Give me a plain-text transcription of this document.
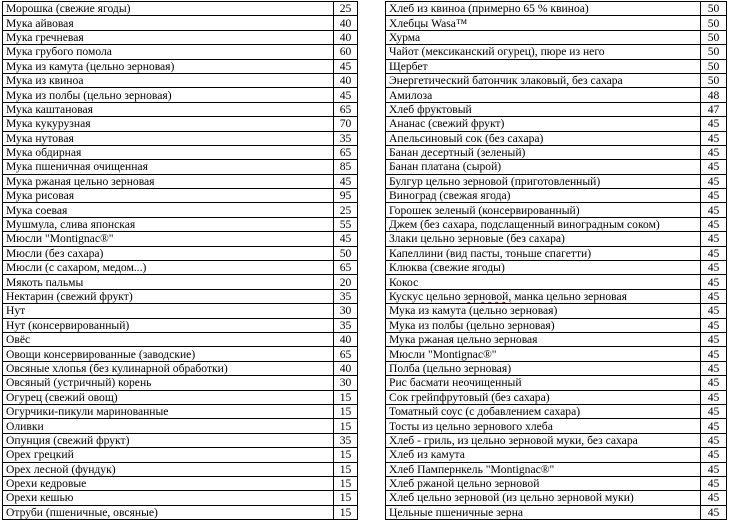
Морошка (свежие ягоды)	25
Мука айвовая	40
Мука гречневая	40
Мука грубого помола	60
Мука из камута (цельно зерновая)	45
Мука из квиноа	40
Мука из полбы (цельно зерновая)	45
Мука каштановая	65
Мука кукурузная	70
Мука нутовая	35
Мука обдирная	65
Мука пшеничная очищенная	85
Мука ржаная цельно зерновая	45
Мука рисовая	95
Мука соевая	25
Мушмула, слива японская	55
Мюсли "Montignac®"	45
Мюсли (без сахара)	50
Мюсли (с сахаром, медом...)	65
Мякоть пальмы	20
Нектарин (свежий фрукт)	35
Нут	30
Нут (консервированный)	35
Овёс	40
Овощи консервированные (заводские)	65
Овсяные хлопья (без кулинарной обработки)	40
Овсяный (устричный) корень	30
Огурец (свежий овощ)	15
Огурчики-пикули маринованные	15
Оливки	15
Опунция (свежий фрукт)	35
Орех грецкий	15
Орех лесной (фундук)	15
Орехи кедровые	15
Орехи кешью	15
Отруби (пшеничные, овсяные)	15
Хлеб из квиноа (примерно 65 % квиноа)	50
Хлебцы Wasa™	50
Хурма	50
Чайот (мексиканский огурец), пюре из него	50
Щербет	50
Энергетический батончик злаковый, без сахара	50
Амилоза	48
Хлеб фруктовый	47
Ананас (свежий фрукт)	45
Апельсиновый сок (без сахара)	45
Банан десертный (зеленый)	45
Банан платана (сырой)	45
Булгур цельно зерновой (приготовленный)	45
Виноград (свежая ягода)	45
Горошек зеленый (консервированный)	45
Джем (без сахара, подслащенный виноградным соком)	45
Злаки цельно зерновые (без сахара)	45
Капеллини (вид пасты, тоньше спагетти)	45
Клюква (свежие ягоды)	45
Кокос	45
Кускус цельно зерновой, манка цельно зерновая	45
Мука из камута (цельно зерновая)	45
Мука из полбы (цельно зерновая)	45
Мука ржаная цельно зерновая	45
Мюсли "Montignac®"	45
Полба (цельно зерновая)	45
Рис басмати неочищенный	45
Сок грейпфрутовый (без сахара)	45
Томатный соус (с добавлением сахара)	45
Тосты из цельно зернового хлеба	45
Хлеб - гриль, из цельно зерновой муки, без сахара	45
Хлеб из камута	45
Хлеб Пампернкель "Montignac®"	45
Хлеб ржаной цельно зерновой	45
Хлеб цельно зерновой (из цельно зерновой муки)	45
Цельные пшеничные зерна	45
